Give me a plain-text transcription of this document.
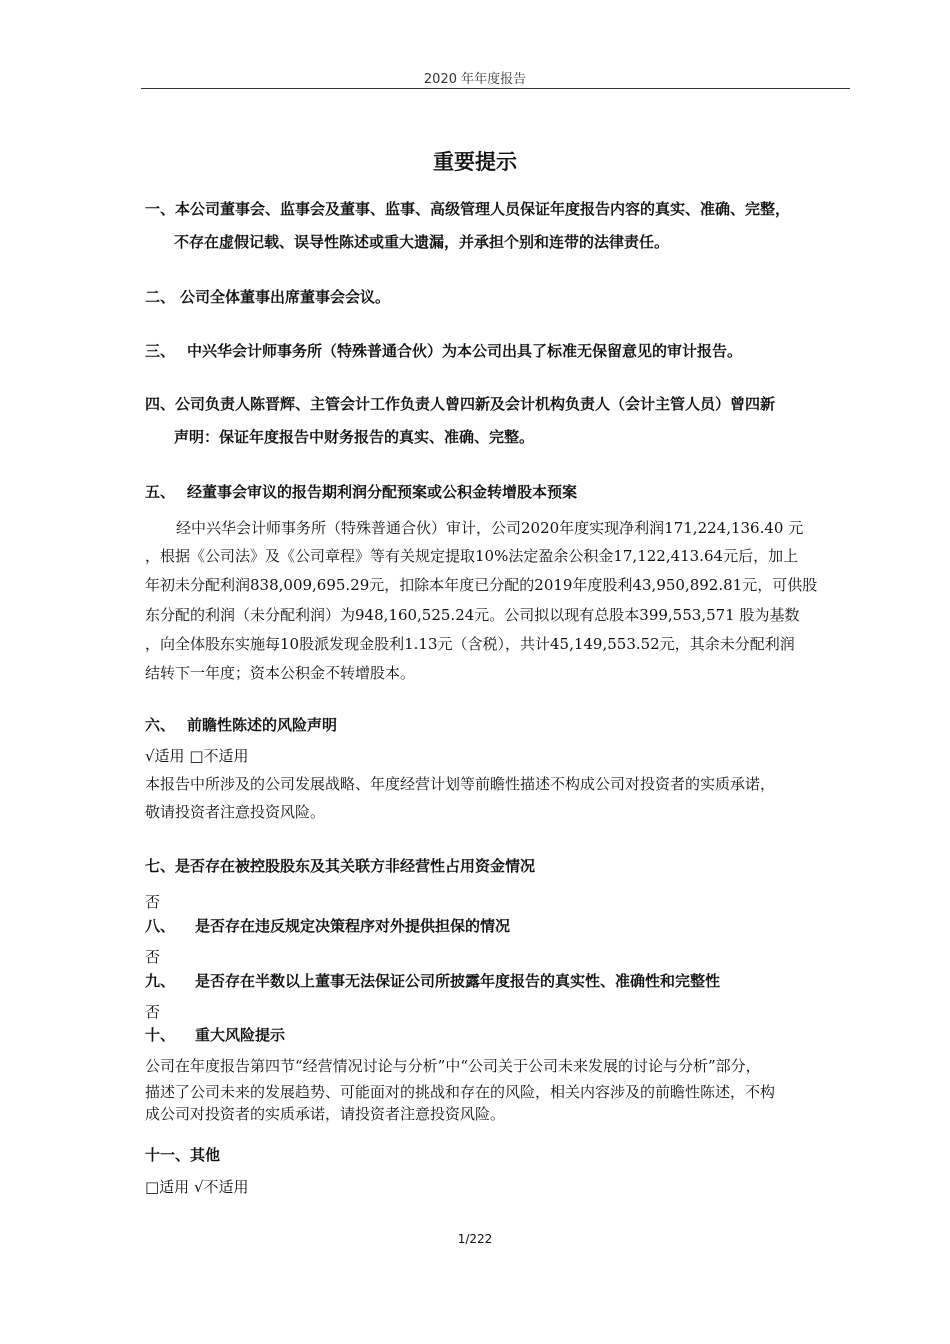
2020 年年度报告
重要提示
一、本公司董事会、监事会及董事、监事、高级管理人员保证年度报告内容的真实、准确、完整，
不存在虚假记载、误导性陈述或重大遗漏，并承担个别和连带的法律责任。
二、 公司全体董事出席董事会会议。
三、 中兴华会计师事务所（特殊普通合伙）为本公司出具了标准无保留意见的审计报告。
四、公司负责人陈晋辉、主管会计工作负责人曾四新及会计机构负责人（会计主管人员）曾四新
声明：保证年度报告中财务报告的真实、准确、完整。
五、 经董事会审议的报告期利润分配预案或公积金转增股本预案
经中兴华会计师事务所（特殊普通合伙）审计，公司2020年度实现净利润171,224,136.40 元
，根据《公司法》及《公司章程》等有关规定提取10%法定盈余公积金17,122,413.64元后，加上
年初未分配利润838,009,695.29元，扣除本年度已分配的2019年度股利43,950,892.81元，可供股
东分配的利润（未分配利润）为948,160,525.24元。公司拟以现有总股本399,553,571 股为基数
，向全体股东实施每10股派发现金股利1.13元（含税），共计45,149,553.52元，其余未分配利润
结转下一年度；资本公积金不转增股本。
六、 前瞻性陈述的风险声明
√适用 □不适用
本报告中所涉及的公司发展战略、年度经营计划等前瞻性描述不构成公司对投资者的实质承诺，
敬请投资者注意投资风险。
七、是否存在被控股股东及其关联方非经营性占用资金情况
否
八、 是否存在违反规定决策程序对外提供担保的情况
否
九、 是否存在半数以上董事无法保证公司所披露年度报告的真实性、准确性和完整性
否
十、 重大风险提示
公司在年度报告第四节“经营情况讨论与分析”中“公司关于公司未来发展的讨论与分析”部分，
描述了公司未来的发展趋势、可能面对的挑战和存在的风险，相关内容涉及的前瞻性陈述，不构
成公司对投资者的实质承诺，请投资者注意投资风险。
十一、其他
□适用 √不适用
1/222
